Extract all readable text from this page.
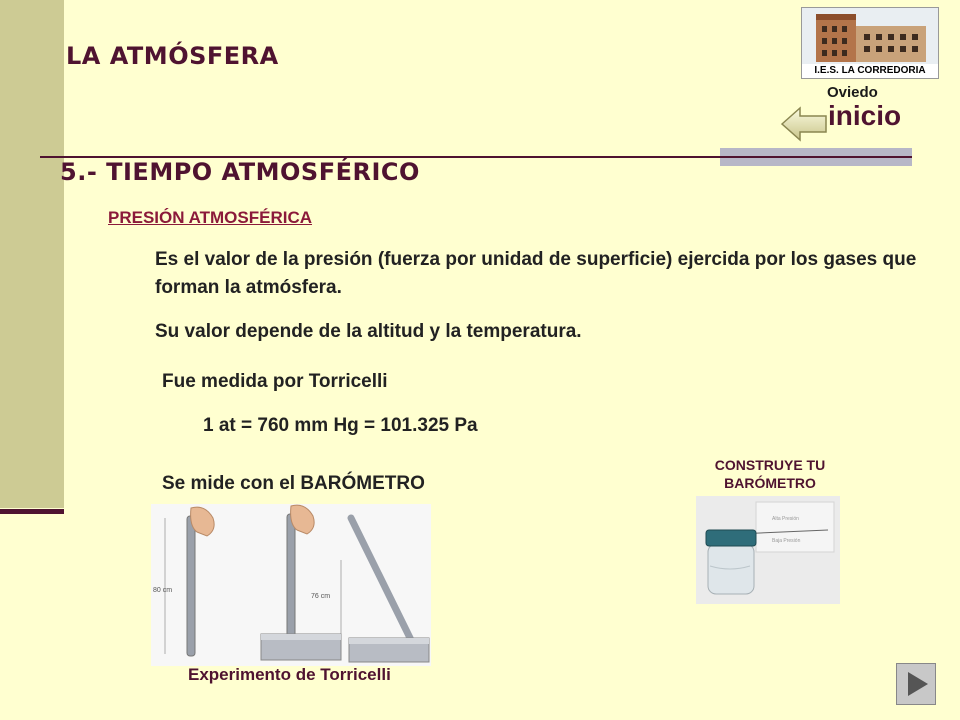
LA ATMÓSFERA
I.E.S. LA CORREDORIA
Oviedo
inicio
5.- TIEMPO ATMOSFÉRICO
PRESIÓN ATMOSFÉRICA
Es el valor de la presión (fuerza por unidad de superficie) ejercida por los gases que forman la atmósfera.
Su valor depende de la altitud y la temperatura.
Fue medida por Torricelli
1 at = 760 mm Hg = 101.325 Pa
Se mide con el BARÓMETRO
80 cm
76 cm
Experimento de Torricelli
CONSTRUYE TU
BARÓMETRO
Alta Presión
Baja Presión
